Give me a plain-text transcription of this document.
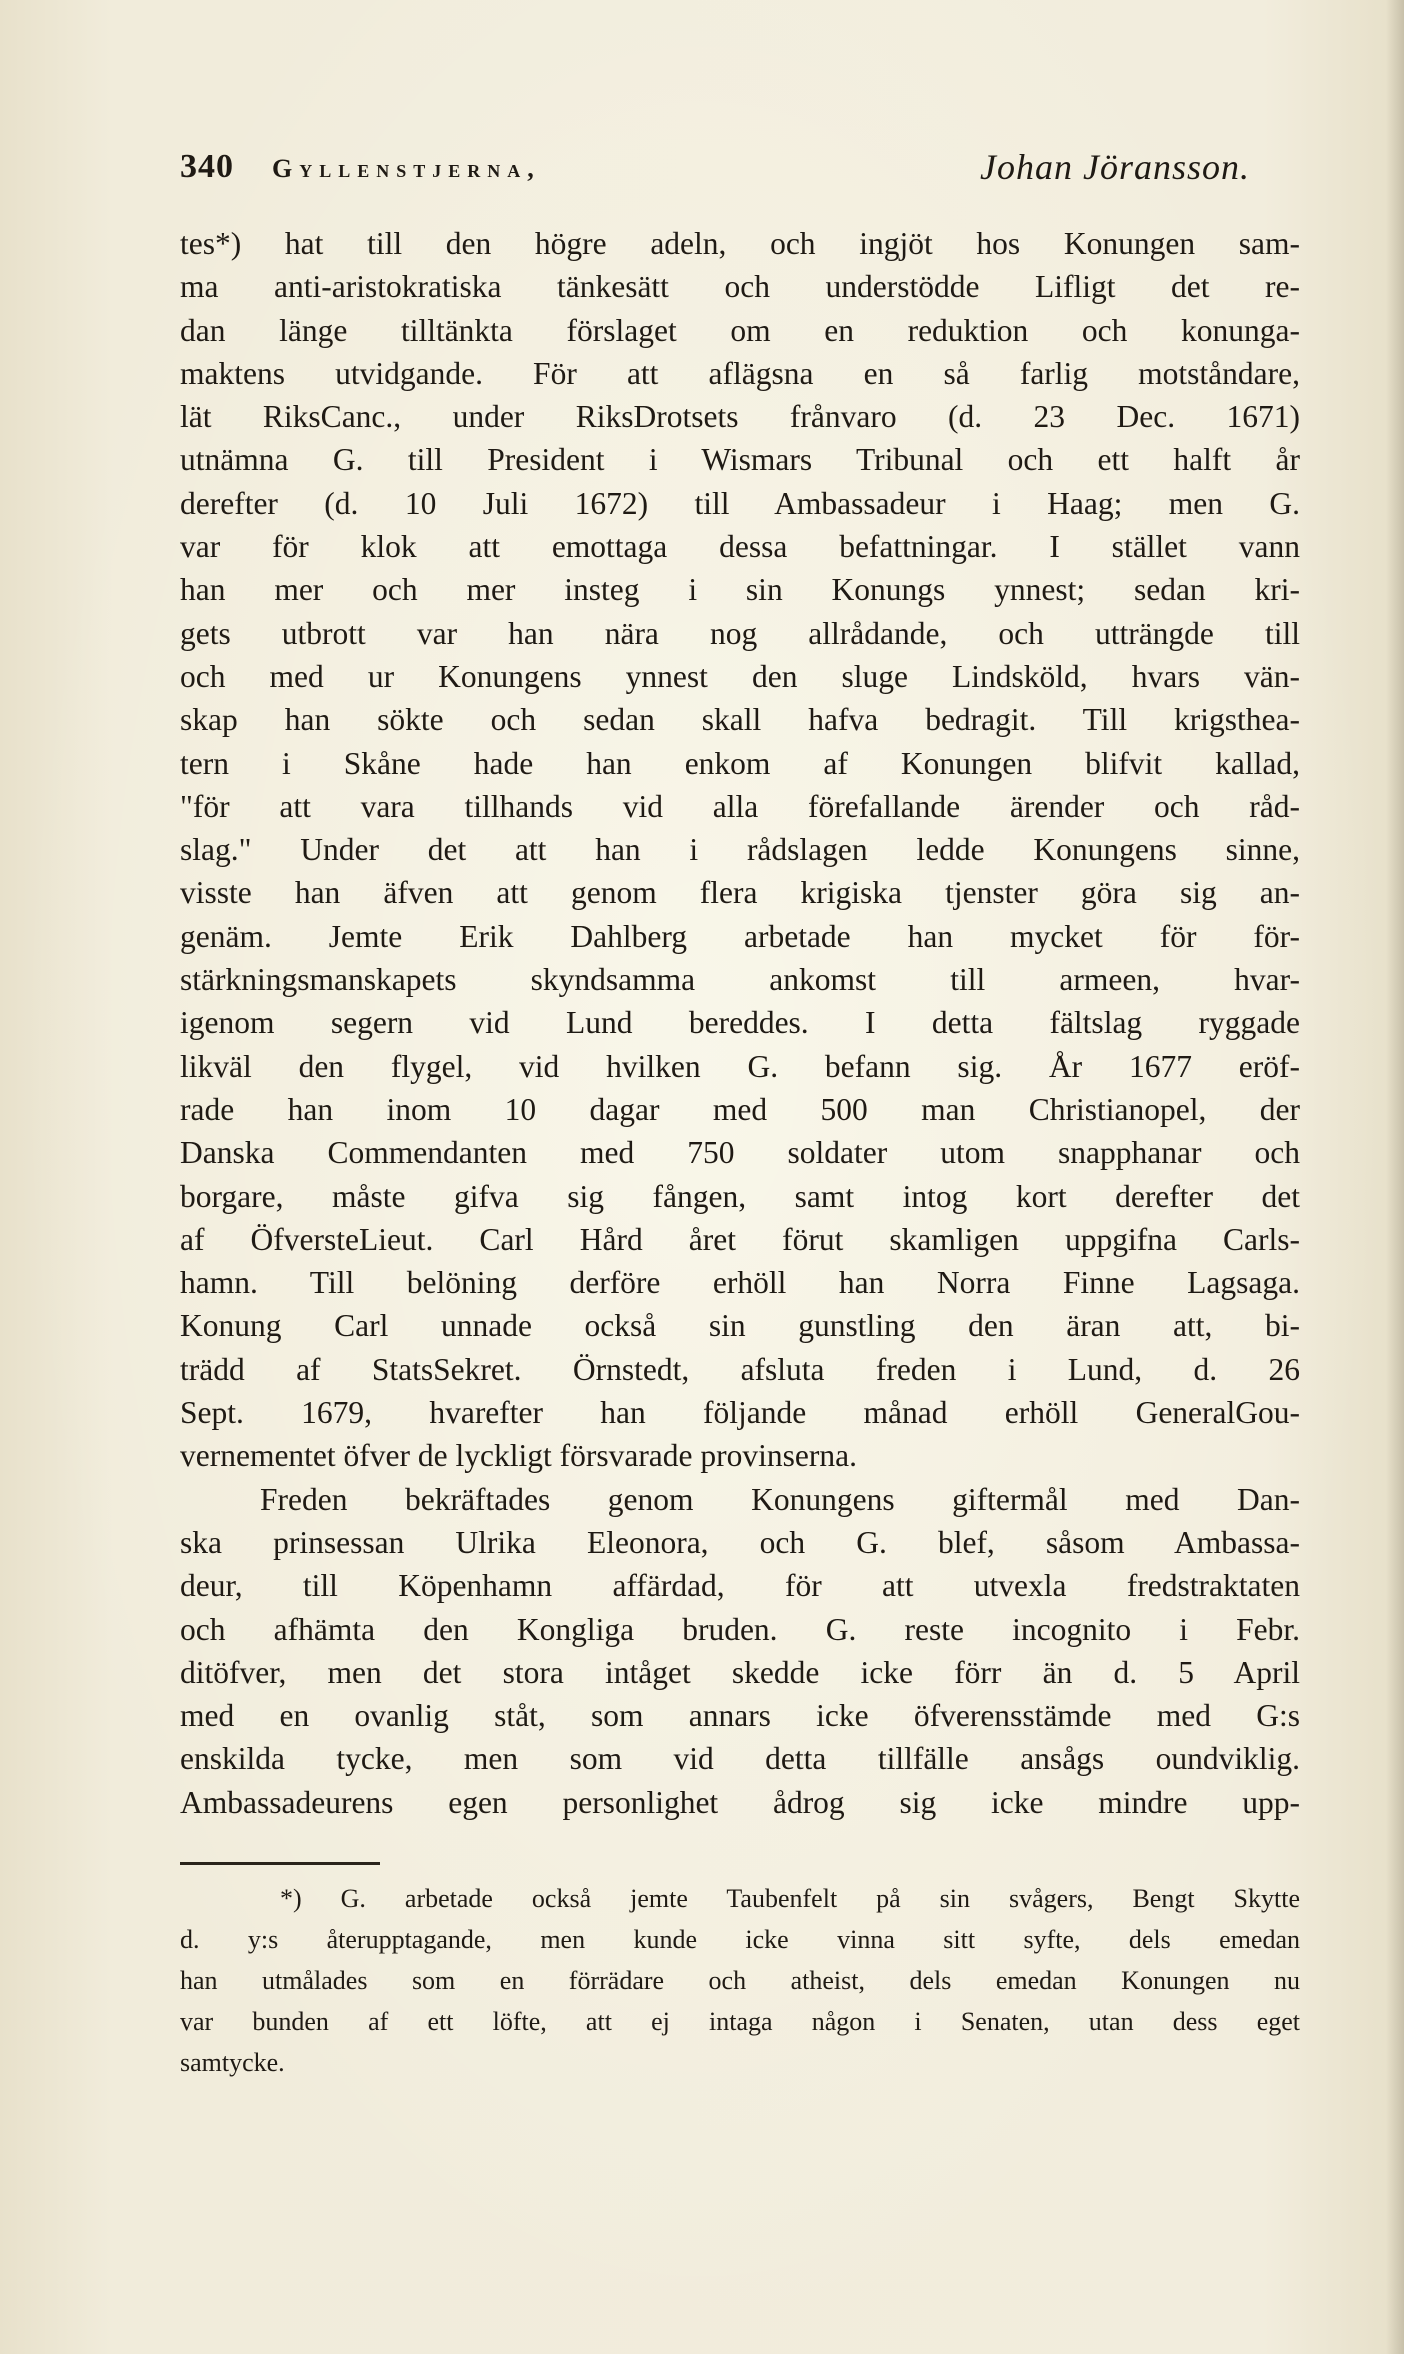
340 Gyllenstjerna,	Johan Jöransson.
tes*) hat till den högre adeln, och ingjöt hos Konungen sam-
ma anti-aristokratiska tänkesätt och understödde Lifligt det re-
dan länge tilltänkta förslaget om en reduktion och konunga-
maktens utvidgande. För att aflägsna en så farlig motståndare,
lät RiksCanc., under RiksDrotsets frånvaro (d. 23 Dec. 1671)
utnämna G. till President i Wismars Tribunal och ett halft år
derefter (d. 10 Juli 1672) till Ambassadeur i Haag; men G.
var för klok att emottaga dessa befattningar. I stället vann
han mer och mer insteg i sin Konungs ynnest; sedan kri-
gets utbrott var han nära nog allrådande, och utträngde till
och med ur Konungens ynnest den sluge Lindsköld, hvars vän-
skap han sökte och sedan skall hafva bedragit. Till krigsthea-
tern i Skåne hade han enkom af Konungen blifvit kallad,
"för att vara tillhands vid alla förefallande ärender och råd-
slag." Under det att han i rådslagen ledde Konungens sinne,
visste han äfven att genom flera krigiska tjenster göra sig an-
genäm. Jemte Erik Dahlberg arbetade han mycket för för-
stärkningsmanskapets skyndsamma ankomst till armeen, hvar-
igenom segern vid Lund bereddes. I detta fältslag ryggade
likväl den flygel, vid hvilken G. befann sig. År 1677 eröf-
rade han inom 10 dagar med 500 man Christianopel, der
Danska Commendanten med 750 soldater utom snapphanar och
borgare, måste gifva sig fången, samt intog kort derefter det
af ÖfversteLieut. Carl Hård året förut skamligen uppgifna Carls-
hamn. Till belöning derföre erhöll han Norra Finne Lagsaga.
Konung Carl unnade också sin gunstling den äran att, bi-
trädd af StatsSekret. Örnstedt, afsluta freden i Lund, d. 26
Sept. 1679, hvarefter han följande månad erhöll GeneralGou-
vernementet öfver de lyckligt försvarade provinserna.
Freden bekräftades genom Konungens giftermål med Dan-
ska prinsessan Ulrika Eleonora, och G. blef, såsom Ambassa-
deur, till Köpenhamn affärdad, för att utvexla fredstraktaten
och afhämta den Kongliga bruden. G. reste incognito i Febr.
ditöfver, men det stora intåget skedde icke förr än d. 5 April
med en ovanlig ståt, som annars icke öfverensstämde med G:s
enskilda tycke, men som vid detta tillfälle ansågs oundviklig.
Ambassadeurens egen personlighet ådrog sig icke mindre upp-
*) G. arbetade också jemte Taubenfelt på sin svågers, Bengt Skytte
d. y:s återupptagande, men kunde icke vinna sitt syfte, dels emedan
han utmålades som en förrädare och atheist, dels emedan Konungen nu
var bunden af ett löfte, att ej intaga någon i Senaten, utan dess eget
samtycke.
